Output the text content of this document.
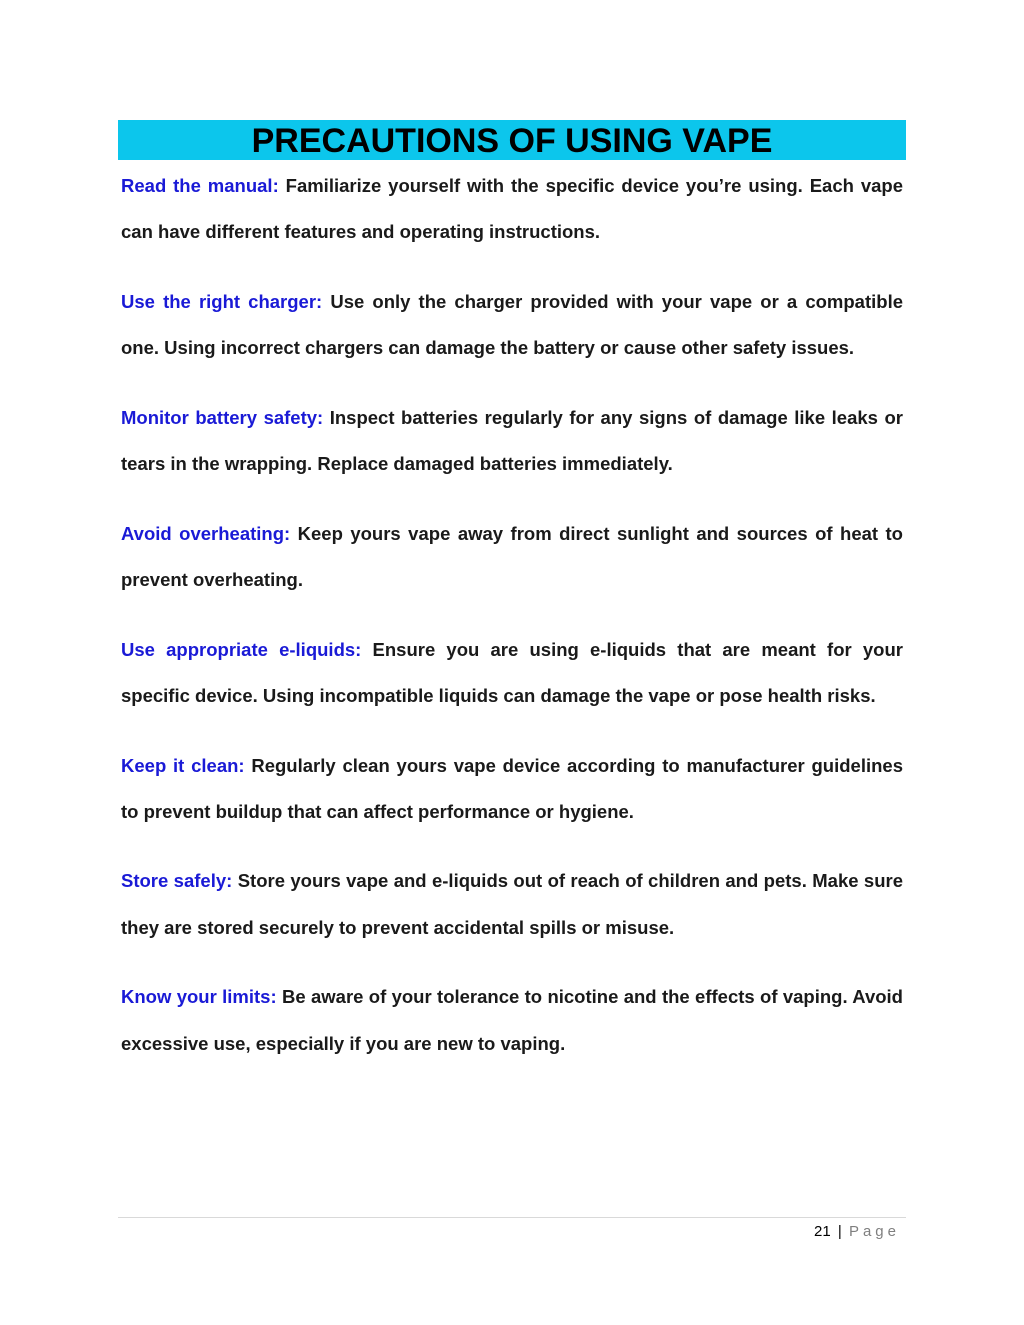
PRECAUTIONS OF USING VAPE

Read the manual: Familiarize yourself with the specific device you’re using. Each vape can have different features and operating instructions.

Use the right charger: Use only the charger provided with your vape or a compatible one. Using incorrect chargers can damage the battery or cause other safety issues.

Monitor battery safety: Inspect batteries regularly for any signs of damage like leaks or tears in the wrapping. Replace damaged batteries immediately.

Avoid overheating: Keep yours vape away from direct sunlight and sources of heat to prevent overheating.

Use appropriate e-liquids: Ensure you are using e-liquids that are meant for your specific device. Using incompatible liquids can damage the vape or pose health risks.

Keep it clean: Regularly clean yours vape device according to manufacturer guidelines to prevent buildup that can affect performance or hygiene.

Store safely: Store yours vape and e-liquids out of reach of children and pets. Make sure they are stored securely to prevent accidental spills or misuse.

Know your limits: Be aware of your tolerance to nicotine and the effects of vaping. Avoid excessive use, especially if you are new to vaping.

21 | Page
